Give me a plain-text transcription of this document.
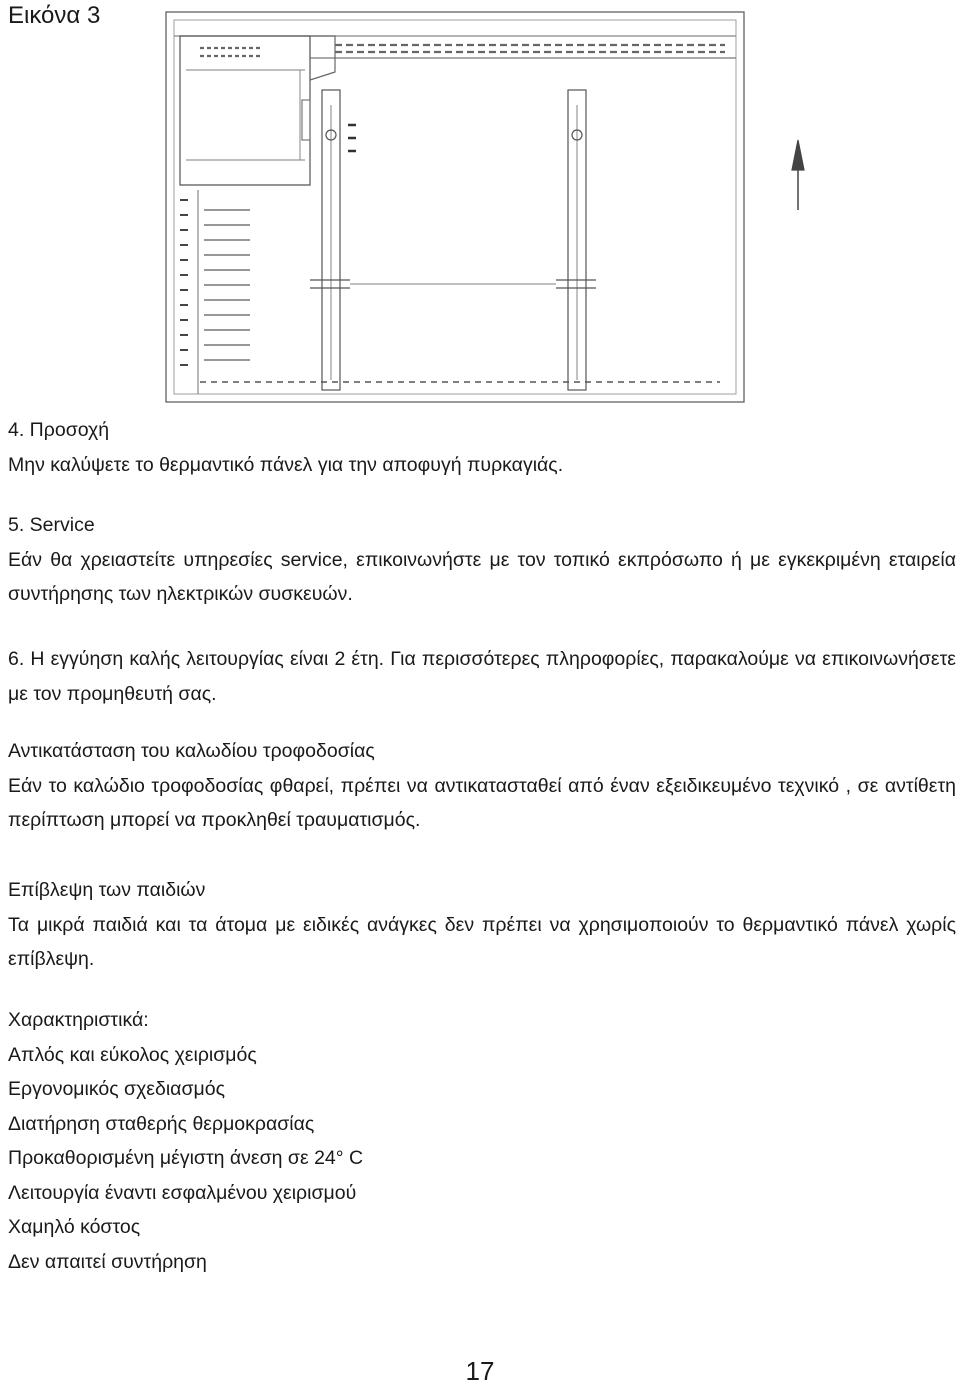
Εικόνα 3

4. Προσοχή

Μην καλύψετε το θερμαντικό πάνελ για την αποφυγή πυρκαγιάς.

5. Service

Εάν θα χρειαστείτε υπηρεσίες service, επικοινωνήστε με τον τοπικό εκπρόσωπο ή με εγκεκριμένη εταιρεία συντήρησης των ηλεκτρικών συσκευών.

6. Η εγγύηση καλής λειτουργίας είναι 2 έτη. Για περισσότερες πληροφορίες, παρακαλούμε να επικοινωνήσετε με τον προμηθευτή σας.

Αντικατάσταση του καλωδίου τροφοδοσίας

Εάν το καλώδιο τροφοδοσίας φθαρεί, πρέπει να αντικατασταθεί από έναν εξειδικευμένο τεχνικό , σε αντίθετη περίπτωση μπορεί να προκληθεί τραυματισμός.

Επίβλεψη των παιδιών

Τα μικρά παιδιά και τα άτομα με ειδικές ανάγκες δεν πρέπει να χρησιμοποιούν το θερμαντικό πάνελ χωρίς επίβλεψη.

Χαρακτηριστικά:

Απλός και εύκολος χειρισμός

Εργονομικός σχεδιασμός

Διατήρηση σταθερής θερμοκρασίας

Προκαθορισμένη μέγιστη άνεση σε 24° C

Λειτουργία έναντι εσφαλμένου χειρισμού

Χαμηλό κόστος

Δεν απαιτεί συντήρηση

17
